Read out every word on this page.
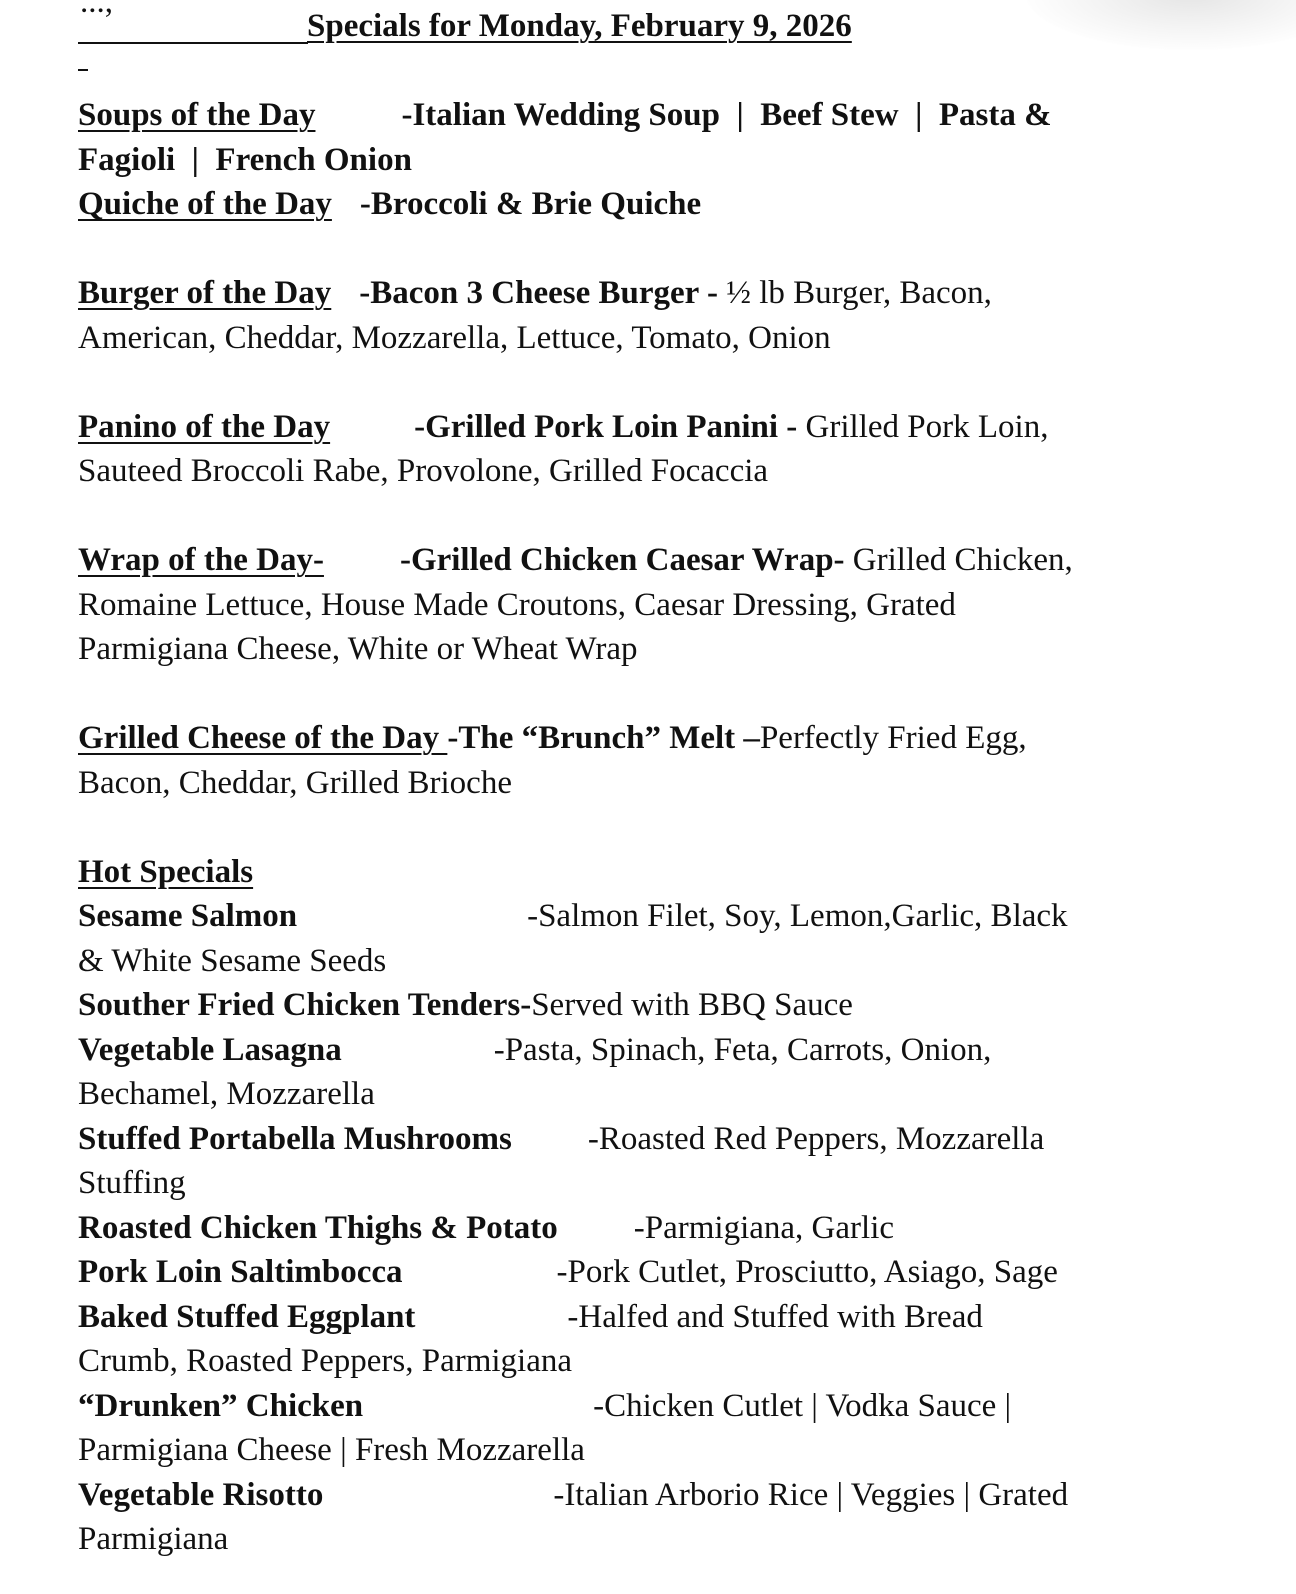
...,
Specials for Monday, February 9, 2026
Soups of the Day	-Italian Wedding Soup  |  Beef Stew  |  Pasta &
Fagioli  |  French Onion
Quiche of the Day -Broccoli & Brie Quiche
Burger of the Day -Bacon 3 Cheese Burger - ½ lb Burger, Bacon,
American, Cheddar, Mozzarella, Lettuce, Tomato, Onion
Panino of the Day	-Grilled Pork Loin Panini - Grilled Pork Loin,
Sauteed Broccoli Rabe, Provolone, Grilled Focaccia
Wrap of the Day- -Grilled Chicken Caesar Wrap- Grilled Chicken,
Romaine Lettuce, House Made Croutons, Caesar Dressing, Grated
Parmigiana Cheese, White or Wheat Wrap
Grilled Cheese of the Day -The “Brunch” Melt –Perfectly Fried Egg,
Bacon, Cheddar, Grilled Brioche
Hot Specials
Sesame Salmon	-Salmon Filet, Soy, Lemon,Garlic, Black
& White Sesame Seeds
Souther Fried Chicken Tenders-Served with BBQ Sauce
Vegetable Lasagna	-Pasta, Spinach, Feta, Carrots, Onion,
Bechamel, Mozzarella
Stuffed Portabella Mushrooms -Roasted Red Peppers, Mozzarella
Stuffing
Roasted Chicken Thighs & Potato -Parmigiana, Garlic
Pork Loin Saltimbocca	-Pork Cutlet, Prosciutto, Asiago, Sage
Baked Stuffed Eggplant	-Halfed and Stuffed with Bread
Crumb, Roasted Peppers, Parmigiana
“Drunken” Chicken	-Chicken Cutlet | Vodka Sauce |
Parmigiana Cheese | Fresh Mozzarella
Vegetable Risotto	-Italian Arborio Rice | Veggies | Grated
Parmigiana
